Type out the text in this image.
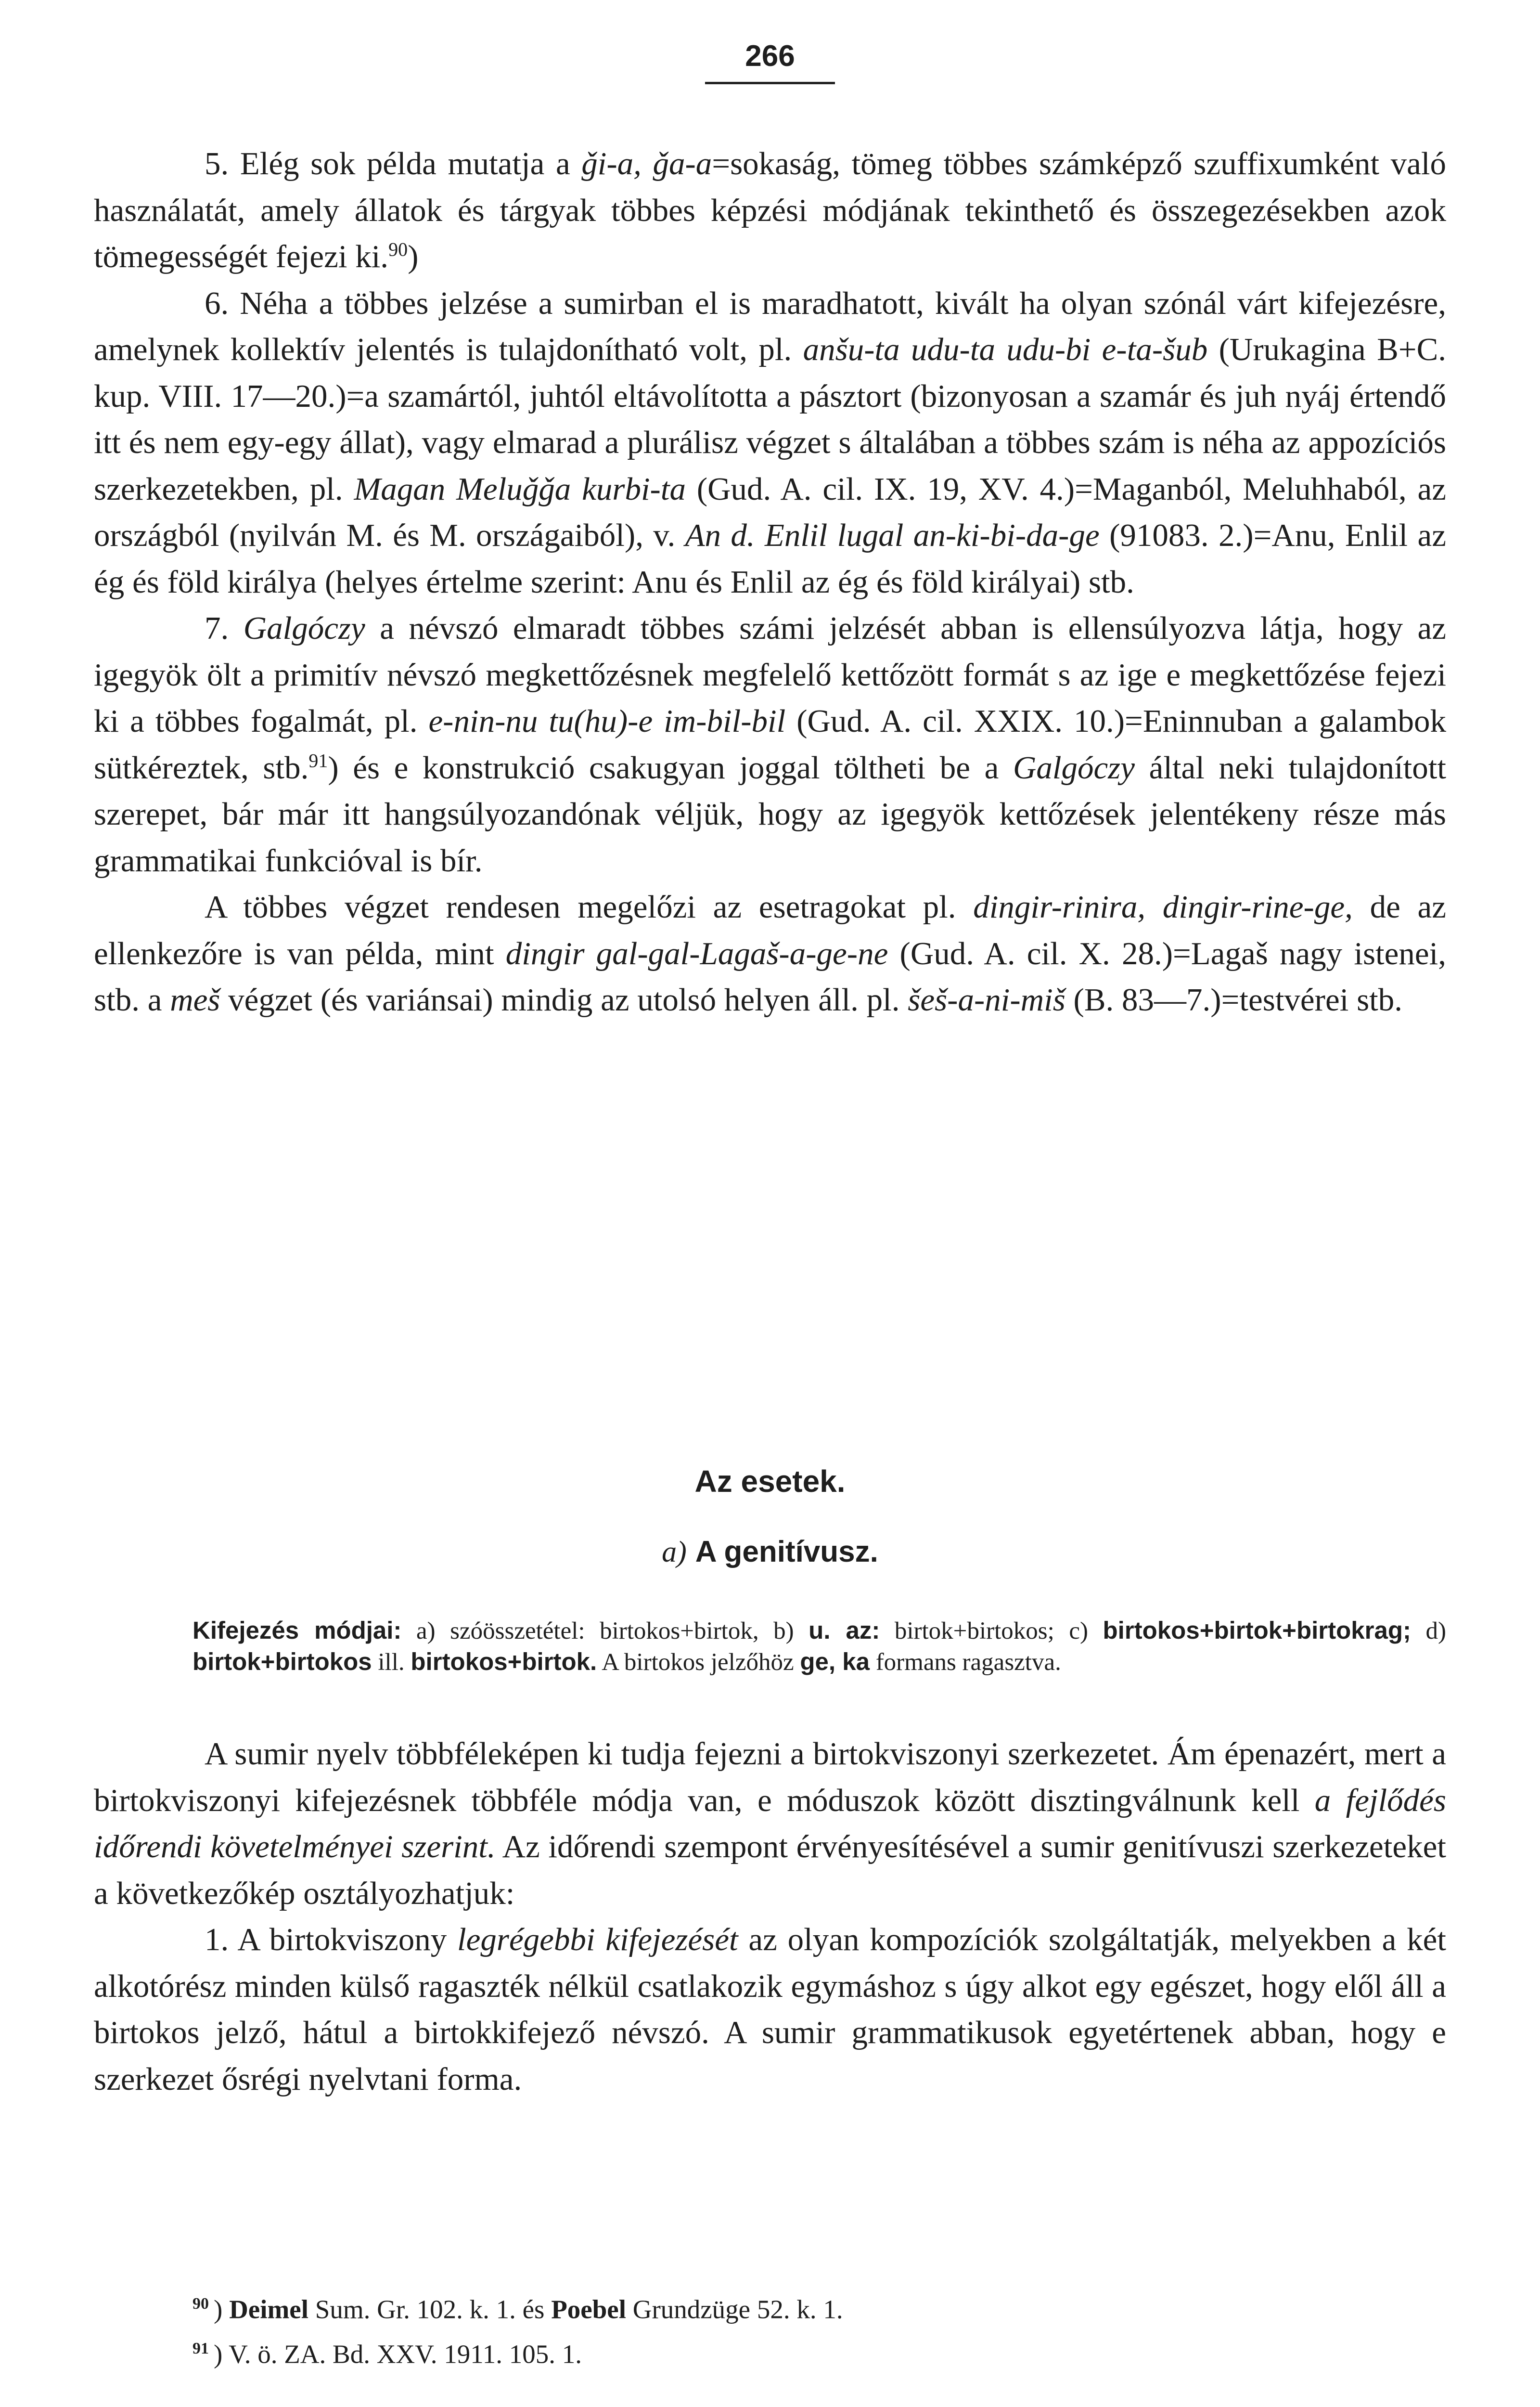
266

5. Elég sok példa mutatja a ǧi-a, ǧa-a=sokaság, tömeg többes számképző szuffixumként való használatát, amely állatok és tárgyak többes képzési módjának tekinthető és összegezésekben azok tömegességét fejezi ki.$^{90}$)

6. Néha a többes jelzése a sumirban el is maradhatott, kivált ha olyan szónál várt kifejezésre, amelynek kollektív jelentés is tulajdonítható volt, pl. anšu-ta udu-ta udu-bi e-ta-šub (Urukagina B+C. kup. VIII. 17—20.)=a szamártól, juhtól eltávolította a pásztort (bizonyosan a szamár és juh nyáj értendő itt és nem egy-egy állat), vagy elmarad a plurálisz végzet s általában a többes szám is néha az appozíciós szerkezetekben, pl. Magan Meluǧǧa kurbi-ta (Gud. A. cil. IX. 19, XV. 4.)=Maganból, Meluhhaból, az országból (nyilván M. és M. országaiból), v. An d. Enlil lugal an-ki-bi-da-ge (91083. 2.)=Anu, Enlil az ég és föld királya (helyes értelme szerint: Anu és Enlil az ég és föld királyai) stb.

7. Galgóczy a névszó elmaradt többes számi jelzését abban is ellensúlyozva látja, hogy az igegyök ölt a primitív névszó megkettőzésnek megfelelő kettőzött formát s az ige e megkettőzése fejezi ki a többes fogalmát, pl. e-nin-nu tu(hu)-e im-bil-bil (Gud. A. cil. XXIX. 10.)=Eninnuban a galambok sütkéreztek, stb.$^{91}$) és e konstrukció csakugyan joggal töltheti be a Galgóczy által neki tulajdonított szerepet, bár már itt hangsúlyozandónak véljük, hogy az igegyök kettőzések jelentékeny része más grammatikai funkcióval is bír.

A többes végzet rendesen megelőzi az esetragokat pl. dingir-rinira, dingir-rine-ge, de az ellenkezőre is van példa, mint dingir gal-gal-Lagaš-a-ge-ne (Gud. A. cil. X. 28.)=Lagaš nagy istenei, stb. a meš végzet (és variánsai) mindig az utolsó helyen áll. pl. šeš-a-ni-miš (B. 83—7.)=testvérei stb.

Az esetek.
a) A genitívusz.
Kifejezés módjai: a) szóösszetétel: birtokos+birtok, b) u. az: birtok+birtokos; c) birtokos+birtok+birtokrag; d) birtok+birtokos ill. birtokos+birtok. A birtokos jelzőhöz ge, ka formans ragasztva.

A sumir nyelv többféleképen ki tudja fejezni a birtokviszonyi szerkezetet. Ám épenazért, mert a birtokviszonyi kifejezésnek többféle módja van, e móduszok között disztingválnunk kell a fejlődés időrendi követelményei szerint. Az időrendi szempont érvényesítésével a sumir genitívuszi szerkezeteket a következőkép osztályozhatjuk:

1. A birtokviszony legrégebbi kifejezését az olyan kompozíciók szolgáltatják, melyekben a két alkotórész minden külső ragaszték nélkül csatlakozik egymáshoz s úgy alkot egy egészet, hogy elől áll a birtokos jelző, hátul a birtokkifejező névszó. A sumir grammatikusok egyetértenek abban, hogy e szerkezet ősrégi nyelvtani forma.

$^{90}$ ) Deimel Sum. Gr. 102. k. 1. és Poebel Grundzüge 52. k. 1.
$^{91}$ ) V. ö. ZA. Bd. XXV. 1911. 105. 1.
